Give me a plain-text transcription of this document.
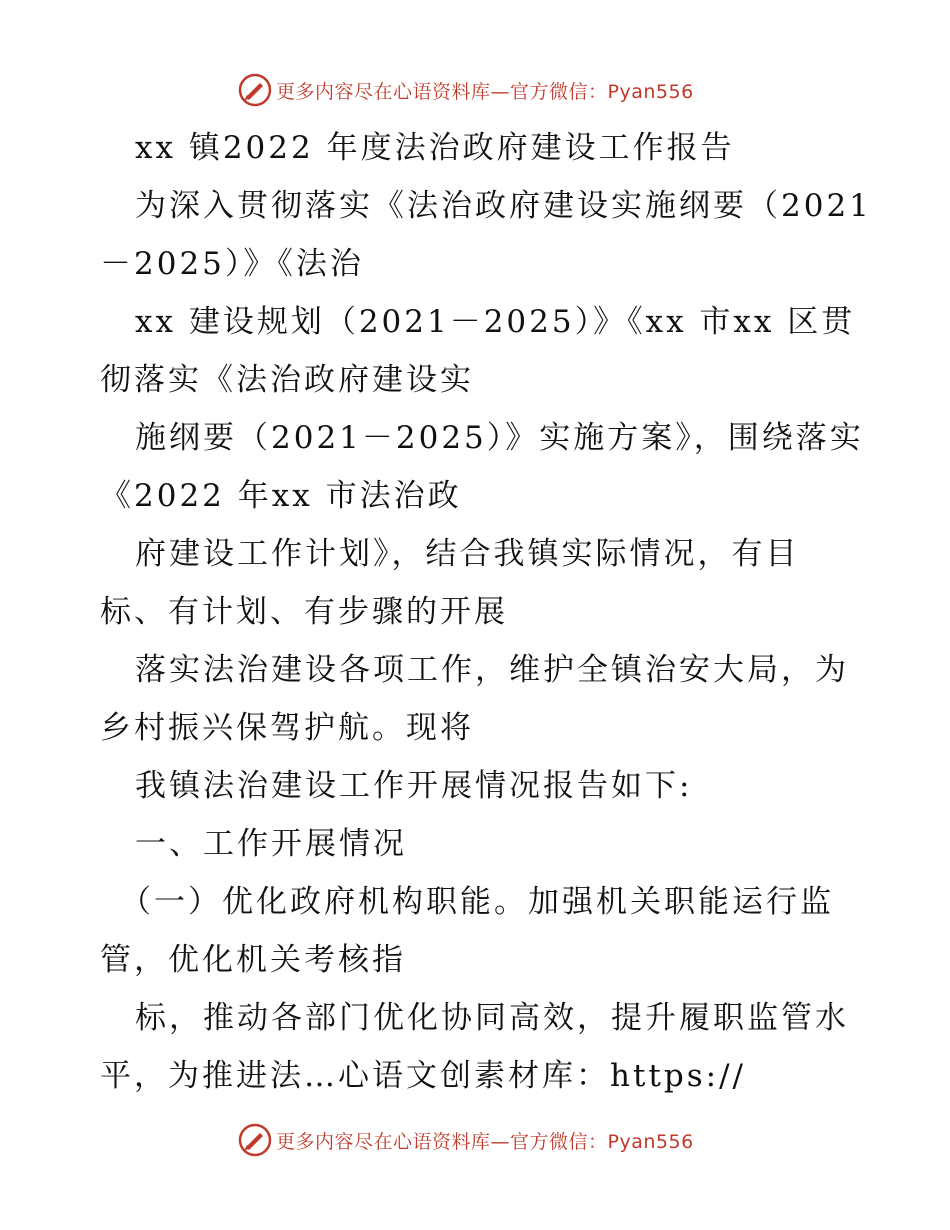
更多内容尽在心语资料库—官方微信：Pyan556
xx 镇2022 年度法治政府建设工作报告
为深入贯彻落实《法治政府建设实施纲要（2021
－2025）》《法治
xx 建设规划（2021－2025）》《xx 市xx 区贯
彻落实《法治政府建设实
施纲要（2021－2025）》实施方案》，围绕落实
《2022 年xx 市法治政
府建设工作计划》，结合我镇实际情况，有目
标、有计划、有步骤的开展
落实法治建设各项工作，维护全镇治安大局，为
乡村振兴保驾护航。现将
我镇法治建设工作开展情况报告如下:
一、工作开展情况
（一）优化政府机构职能。加强机关职能运行监
管，优化机关考核指
标，推动各部门优化协同高效，提升履职监管水
平，为推进法…心语文创素材库：https://
更多内容尽在心语资料库—官方微信：Pyan556
